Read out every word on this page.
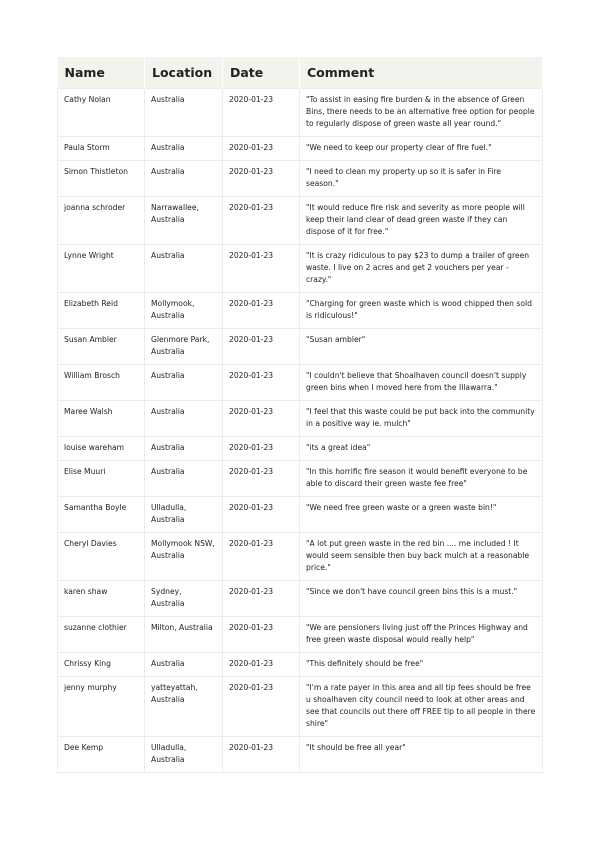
Name	Location	Date	Comment
Cathy Nolan	Australia	2020-01-23	"To assist in easing fire burden & in the absence of Green Bins, there needs to be an alternative free option for people to regularly dispose of green waste all year round."
Paula Storm	Australia	2020-01-23	"We need to keep our property clear of fire fuel."
Simon Thistleton	Australia	2020-01-23	"I need to clean my property up so it is safer in Fire season."
joanna schroder	Narrawallee, Australia	2020-01-23	"It would reduce fire risk and severity as more people will keep their land clear of dead green waste if they can dispose of it for free."
Lynne Wright	Australia	2020-01-23	"It is crazy ridiculous to pay $23 to dump a trailer of green waste. I live on 2 acres and get 2 vouchers per year - crazy."
Elizabeth Reid	Mollymook, Australia	2020-01-23	"Charging for green waste which is wood chipped then sold is ridiculous!"
Susan Ambler	Glenmore Park, Australia	2020-01-23	"Susan ambler"
William Brosch	Australia	2020-01-23	"I couldn't believe that Shoalhaven council doesn't supply green bins when I moved here from the Illawarra."
Maree Walsh	Australia	2020-01-23	"I feel that this waste could be put back into the community in a positive way ie. mulch"
louise wareham	Australia	2020-01-23	"its a great idea"
Elise Muuri	Australia	2020-01-23	"In this horrific fire season it would benefit everyone to be able to discard their green waste fee free"
Samantha Boyle	Ulladulla, Australia	2020-01-23	"We need free green waste or a green waste bin!"
Cheryl Davies	Mollymook NSW, Australia	2020-01-23	"A lot put green waste in the red bin .... me included ! It would seem sensible then buy back mulch at a reasonable price."
karen shaw	Sydney, Australia	2020-01-23	"Since we don't have council green bins this is a must."
suzanne clothier	Milton, Australia	2020-01-23	"We are pensioners living just off the Princes Highway and free green waste disposal would really help"
Chrissy King	Australia	2020-01-23	"This definitely should be free"
jenny murphy	yatteyattah, Australia	2020-01-23	"I'm a rate payer in this area and all tip fees should be free u shoalhaven city council need to look at other areas and see that councils out there off FREE tip to all people in there shire"
Dee Kemp	Ulladulla, Australia	2020-01-23	"It should be free all year"
